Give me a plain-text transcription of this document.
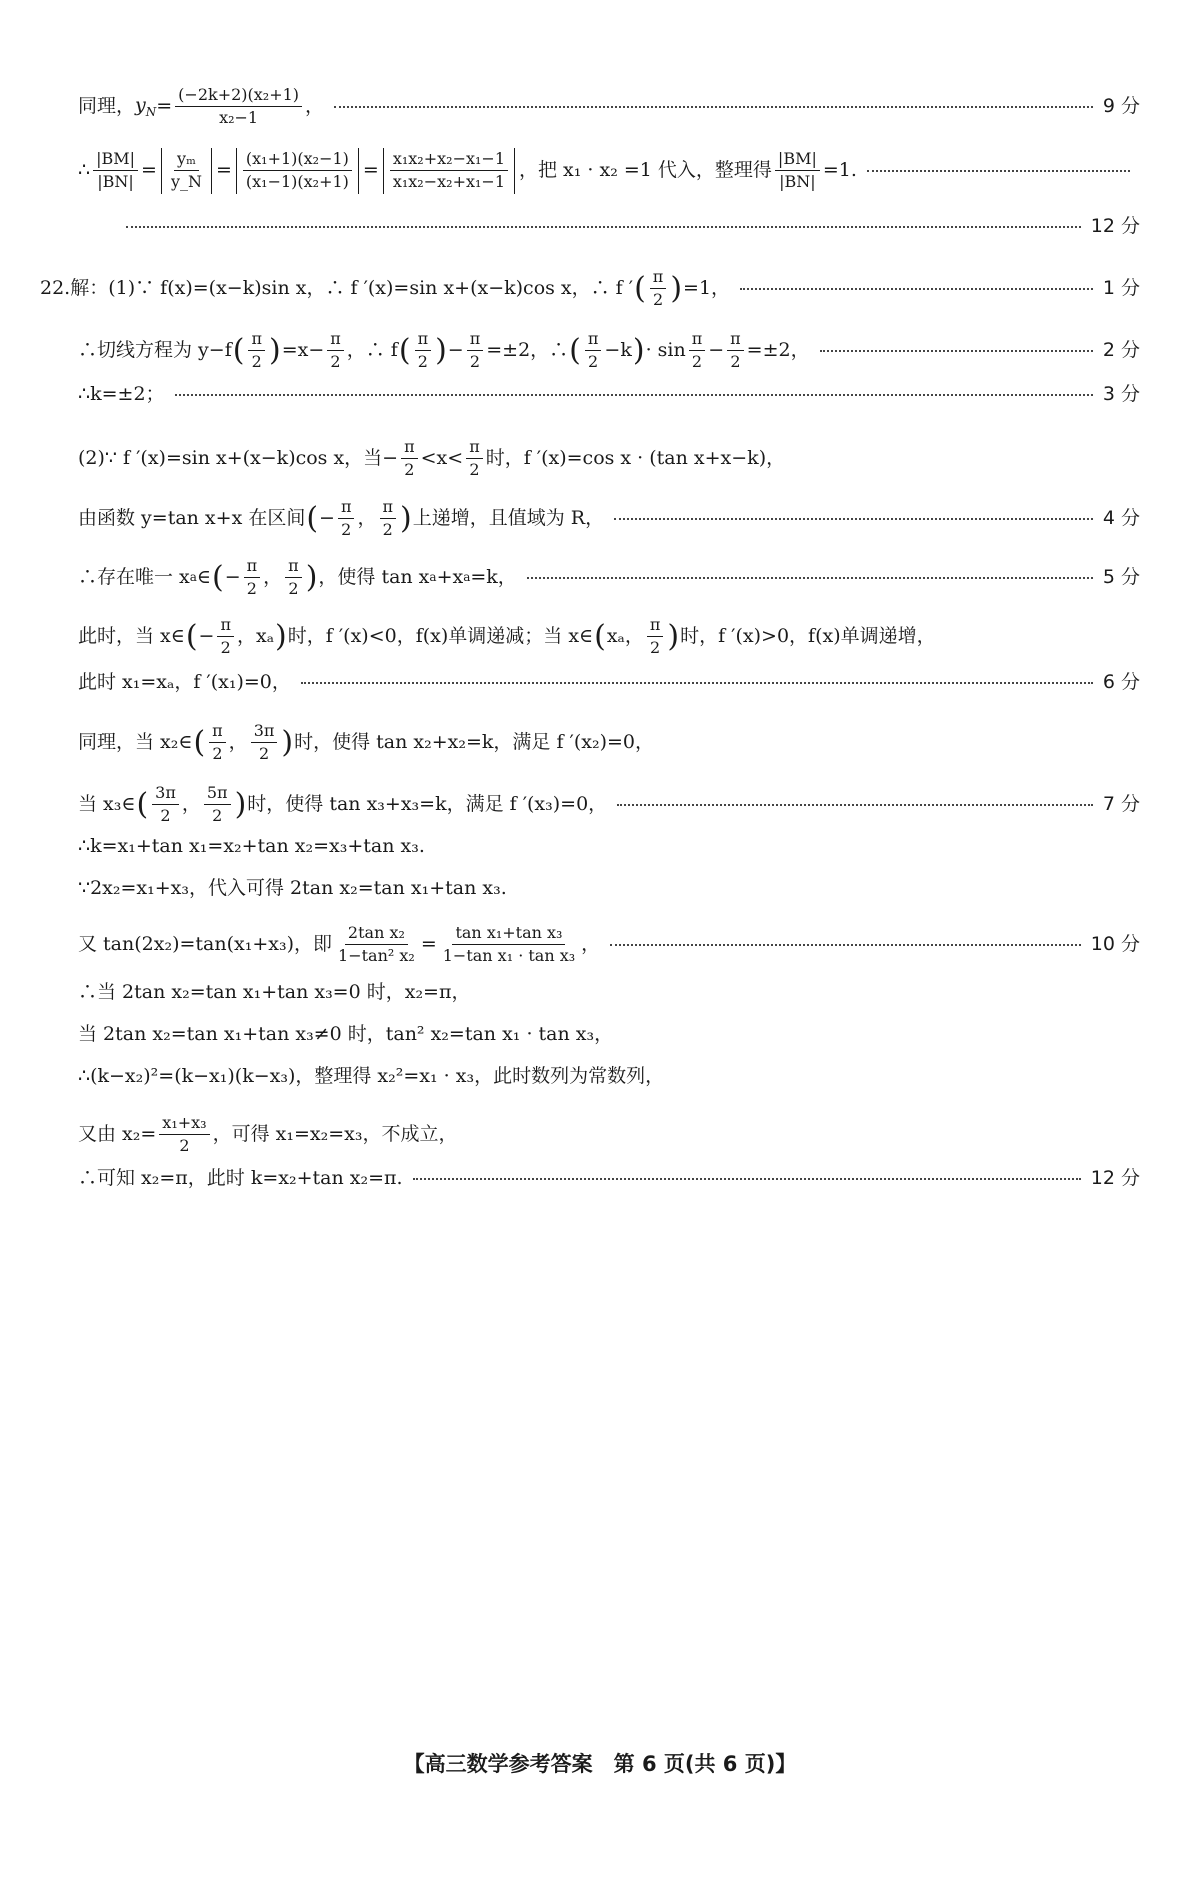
同理， $y_N = \frac{\text{(−2k+2)(x₂+1)}}{\text{x₂−1}}$ ，	9 分
∴ $\frac{|BM|}{|BN|} = \frac{\text{yₘ}}{y\_N} = \frac{\text{(x₁+1)(x₂−1)}}{\text{(x₁−1)(x₂+1)}} = \frac{\text{x₁x₂+x₂−x₁−1}}{\text{x₁x₂−x₂+x₁−1}}$ ，把 x₁ · x₂ =1 代入，整理得 $\frac{|BM|}{|BN|} =1$.
12 分
22.解：(1)∵ f(x)=(x−k)sin x，∴ f ′(x)=sin x+(x−k)cos x，∴ f ′ ( $\frac{\pi}{2}$ ) =1，	1 分
∴切线方程为 y−f ( $\frac{\pi}{2}$ ) $=x- \frac{\pi}{2}$ ，∴ f ( $\frac{\pi}{2}$ ) − $\frac{\pi}{2} =\pm 2$，∴ ( $\frac{\pi}{2} -k$ ) · $\sin \frac{\pi}{2} - \frac{\pi}{2} =\pm 2$，	2 分
∴k=±2；	3 分
(2)∵ f ′(x)=sin x+(x−k)cos x，当− $\frac{\pi}{2} <x< \frac{\pi}{2}$ 时，f ′(x)=cos x · (tan x+x−k)，
由函数 y=tan x+x 在区间 ( − $\frac{\pi}{2}$ ， $\frac{\pi}{2}$ ) 上递增，且值域为 R，	4 分
∴存在唯一 x a ∈ ( − $\frac{\pi}{2}$ ， $\frac{\pi}{2}$ ) ，使得 tan x a +x a =k，	5 分
此时，当 x∈ ( − $\frac{\pi}{2}$ ， xₐ ) 时，f ′(x)<0，f(x)单调递减；当 x∈ ( xₐ ， $\frac{\pi}{2}$ ) 时，f ′(x)>0，f(x)单调递增，
此时 x₁=xₐ，f ′(x₁)=0，	6 分
同理，当 x₂∈ ( $\frac{\pi}{2}$ ， $\frac{3\pi}{2}$ ) 时，使得 tan x₂+x₂=k，满足 f ′(x₂)=0，
当 x₃∈ ( $\frac{3\pi}{2}$ ， $\frac{5\pi}{2}$ ) 时，使得 tan x₃+x₃=k，满足 f ′(x₃)=0，	7 分
∴k=x₁+tan x₁=x₂+tan x₂=x₃+tan x₃.
∵2x₂=x₁+x₃，代入可得 2tan x₂=tan x₁+tan x₃.
又 tan(2x₂)=tan(x₁+x₃)，即 $\frac{\text{2tan x₂}}{\text{1−tan² x₂}} = \frac{\text{tan x₁+tan x₃}}{\text{1−tan x₁ · tan x₃}}$ ，	10 分
∴当 2tan x₂=tan x₁+tan x₃=0 时，x₂=π，
当 2tan x₂=tan x₁+tan x₃≠0 时，tan² x₂=tan x₁ · tan x₃，
∴(k−x₂)²=(k−x₁)(k−x₃)，整理得 x₂²=x₁ · x₃，此时数列为常数列，
又由 $x_2= \frac{\text{x₁+x₃}}{2}$ ，可得 x₁=x₂=x₃，不成立，
∴可知 x₂=π，此时 k=x₂+tan x₂=π.	12 分
【高三数学参考答案　第 6 页(共 6 页)】
